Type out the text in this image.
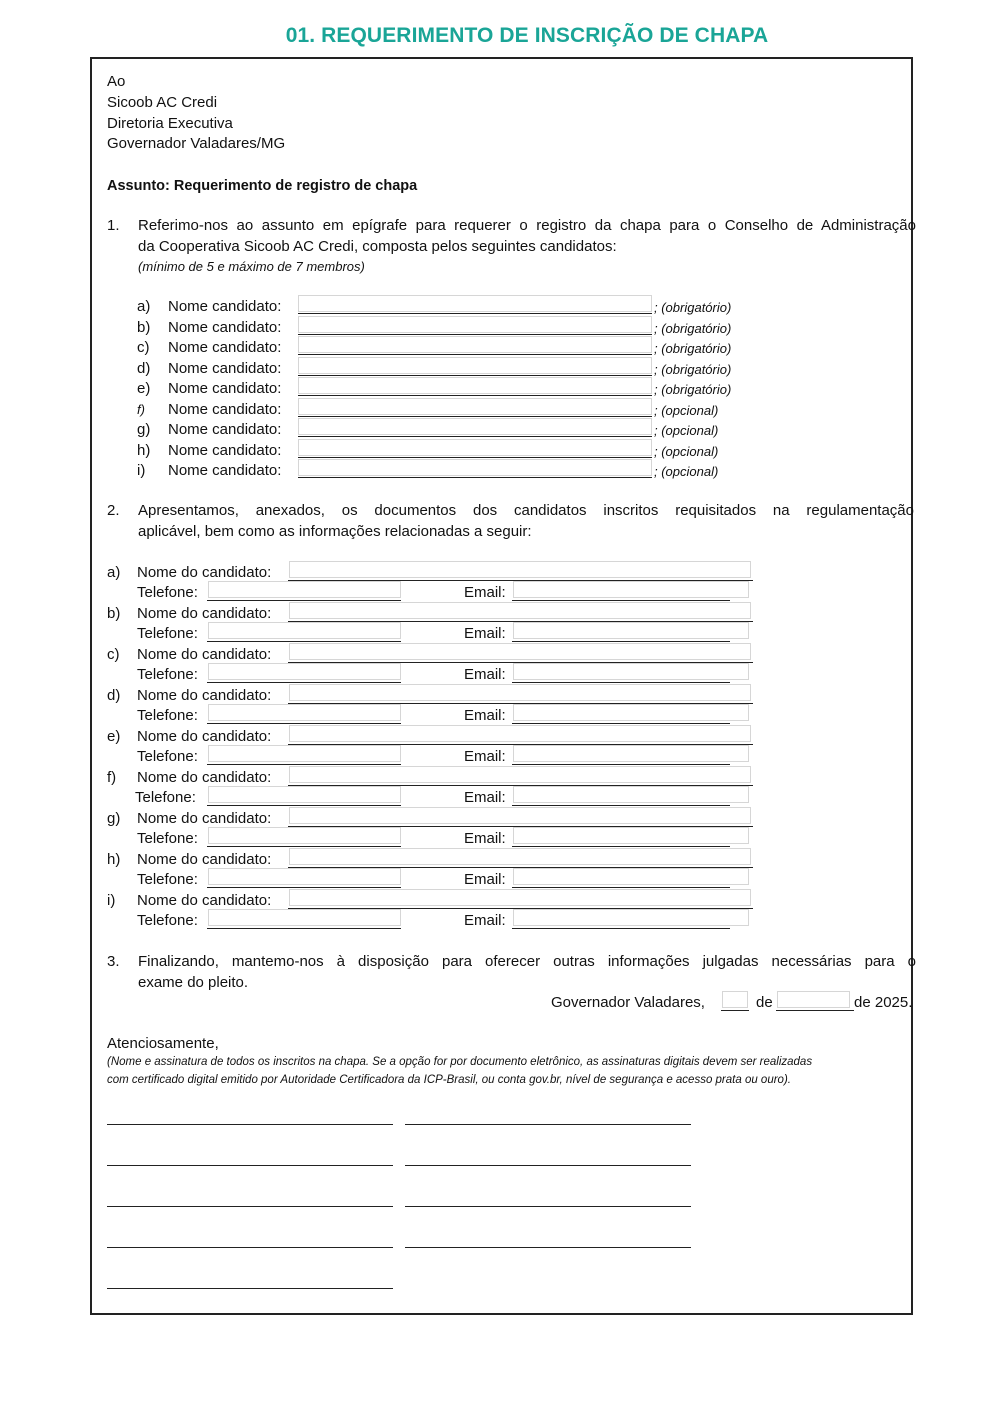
01. REQUERIMENTO DE INSCRIÇÃO DE CHAPA
Ao
Sicoob AC Credi
Diretoria Executiva
Governador Valadares/MG
Assunto: Requerimento de registro de chapa
1. Referimo-nos ao assunto em epígrafe para requerer o registro da chapa para o Conselho de Administração
da Cooperativa Sicoob AC Credi, composta pelos seguintes candidatos:
(mínimo de 5 e máximo de 7 membros)
a) Nome candidato:	; (obrigatório)
b) Nome candidato:	; (obrigatório)
c) Nome candidato:	; (obrigatório)
d) Nome candidato:	; (obrigatório)
e) Nome candidato:	; (obrigatório)
f) Nome candidato:	; (opcional)
g) Nome candidato:	; (opcional)
h) Nome candidato:	; (opcional)
i) Nome candidato:	; (opcional)
2. Apresentamos, anexados, os documentos dos candidatos inscritos requisitados na regulamentação
aplicável, bem como as informações relacionadas a seguir:
a) Nome do candidato:
Telefone:	Email:
b) Nome do candidato:
Telefone:	Email:
c) Nome do candidato:
Telefone:	Email:
d) Nome do candidato:
Telefone:	Email:
e) Nome do candidato:
Telefone:	Email:
f) Nome do candidato:
Telefone:	Email:
g) Nome do candidato:
Telefone:	Email:
h) Nome do candidato:
Telefone:	Email:
i) Nome do candidato:
Telefone:	Email:
3. Finalizando, mantemo-nos à disposição para oferecer outras informações julgadas necessárias para o
exame do pleito.
Governador Valadares,	de	de 2025.
Atenciosamente,
(Nome e assinatura de todos os inscritos na chapa. Se a opção for por documento eletrônico, as assinaturas digitais devem ser realizadas
com certificado digital emitido por Autoridade Certificadora da ICP-Brasil, ou conta gov.br, nível de segurança e acesso prata ou ouro).
